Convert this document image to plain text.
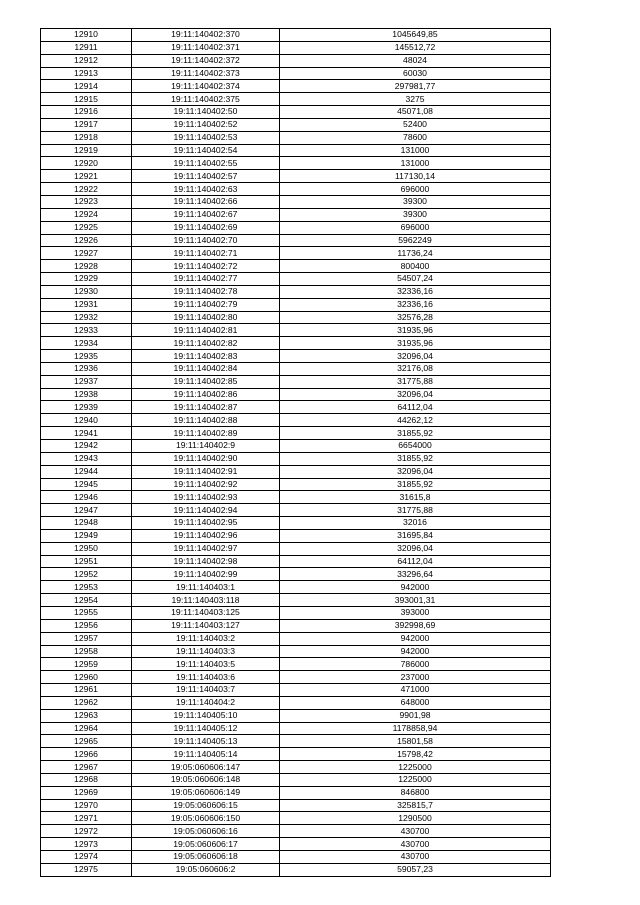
12910	19:11:140402:370	1045649,85
12911	19:11:140402:371	145512,72
12912	19:11:140402:372	48024
12913	19:11:140402:373	60030
12914	19:11:140402:374	297981,77
12915	19:11:140402:375	3275
12916	19:11:140402:50	45071,08
12917	19:11:140402:52	52400
12918	19:11:140402:53	78600
12919	19:11:140402:54	131000
12920	19:11:140402:55	131000
12921	19:11:140402:57	117130,14
12922	19:11:140402:63	696000
12923	19:11:140402:66	39300
12924	19:11:140402:67	39300
12925	19:11:140402:69	696000
12926	19:11:140402:70	5962249
12927	19:11:140402:71	11736,24
12928	19:11:140402:72	800400
12929	19:11:140402:77	54507,24
12930	19:11:140402:78	32336,16
12931	19:11:140402:79	32336,16
12932	19:11:140402:80	32576,28
12933	19:11:140402:81	31935,96
12934	19:11:140402:82	31935,96
12935	19:11:140402:83	32096,04
12936	19:11:140402:84	32176,08
12937	19:11:140402:85	31775,88
12938	19:11:140402:86	32096,04
12939	19:11:140402:87	64112,04
12940	19:11:140402:88	44262,12
12941	19:11:140402:89	31855,92
12942	19:11:140402:9	6654000
12943	19:11:140402:90	31855,92
12944	19:11:140402:91	32096,04
12945	19:11:140402:92	31855,92
12946	19:11:140402:93	31615,8
12947	19:11:140402:94	31775,88
12948	19:11:140402:95	32016
12949	19:11:140402:96	31695,84
12950	19:11:140402:97	32096,04
12951	19:11:140402:98	64112,04
12952	19:11:140402:99	33296,64
12953	19:11:140403:1	942000
12954	19:11:140403:118	393001,31
12955	19:11:140403:125	393000
12956	19:11:140403:127	392998,69
12957	19:11:140403:2	942000
12958	19:11:140403:3	942000
12959	19:11:140403:5	786000
12960	19:11:140403:6	237000
12961	19:11:140403:7	471000
12962	19:11:140404:2	648000
12963	19:11:140405:10	9901,98
12964	19:11:140405:12	1178858,94
12965	19:11:140405:13	15801,58
12966	19:11:140405:14	15798,42
12967	19:05:060606:147	1225000
12968	19:05:060606:148	1225000
12969	19:05:060606:149	846800
12970	19:05:060606:15	325815,7
12971	19:05:060606:150	1290500
12972	19:05:060606:16	430700
12973	19:05:060606:17	430700
12974	19:05:060606:18	430700
12975	19:05:060606:2	59057,23
